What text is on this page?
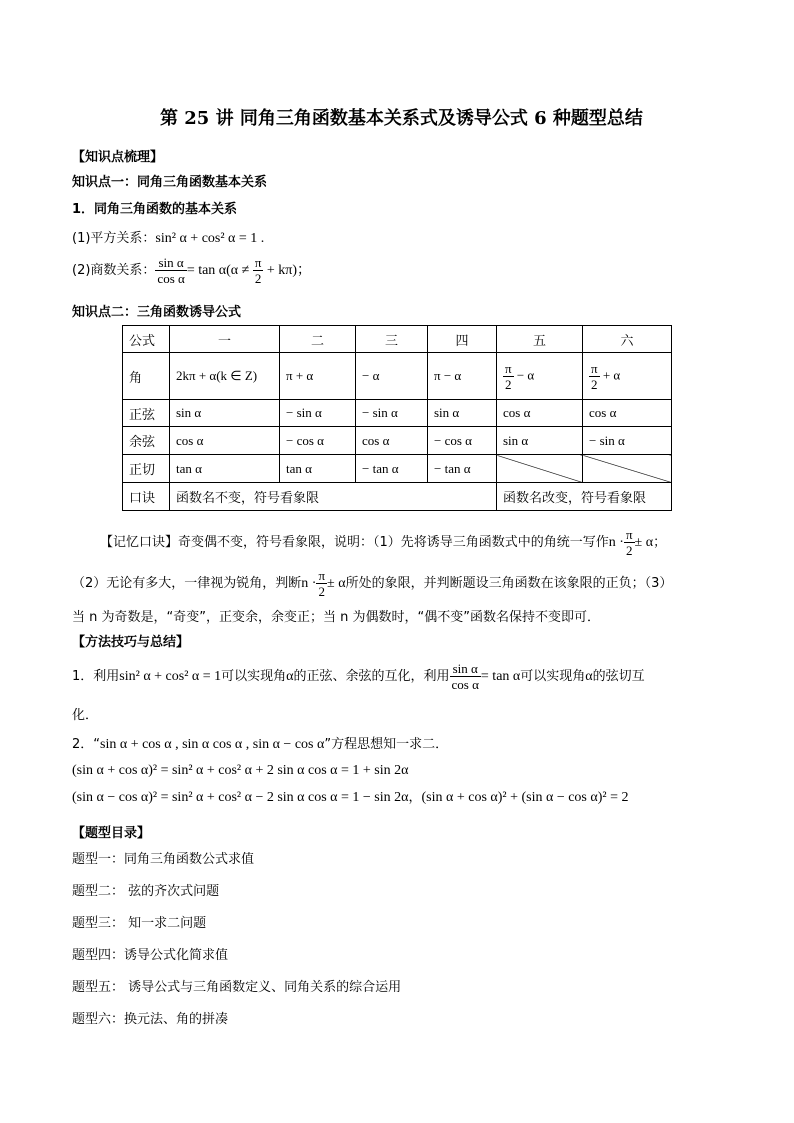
第 25 讲 同角三角函数基本关系式及诱导公式 6 种题型总结
【知识点梳理】
知识点一：同角三角函数基本关系
1．同角三角函数的基本关系
(1)平方关系：sin² α + cos² α = 1 .
(2)商数关系： $\frac{\text{sin α}}{\text{cos α}} = \tan \alpha(\alpha \ne \frac{\pi}{2} + k\pi)$；
知识点二：三角函数诱导公式
公式	一	二	三	四	五	六
角	2kπ + α(k ∈ Z)	π + α	− α	π − α	$\frac{\pi}{2} - \alpha$	$\frac{\pi}{2} + \alpha$
正弦	sin α	− sin α	− sin α	sin α	cos α	cos α
余弦	cos α	− cos α	cos α	− cos α	sin α	− sin α
正切	tan α	tan α	− tan α	− tan α		
口诀	函数名不变，符号看象限				函数名改变，符号看象限	
【记忆口诀】奇变偶不变，符号看象限，说明：（1）先将诱导三角函数式中的角统一写作$n \cdot \frac{\pi}{2} \pm \alpha$；
（2）无论有多大，一律视为锐角，判断$n \cdot \frac{\pi}{2} \pm \alpha$所处的象限，并判断题设三角函数在该象限的正负；（3）
当 n 为奇数是，“奇变”，正变余，余变正；当 n 为偶数时，“偶不变”函数名保持不变即可．
【方法技巧与总结】
1．利用sin² α + cos² α = 1可以实现角α的正弦、余弦的互化，利用 $\frac{\text{sin α}}{\text{cos α}} = \tan \alpha$可以实现角α的弦切互
化．
2．“sin α + cos α , sin α cos α , sin α − cos α”方程思想知一求二．
(sin α + cos α)² = sin² α + cos² α + 2 sin α cos α = 1 + sin 2α
(sin α − cos α)² = sin² α + cos² α − 2 sin α cos α = 1 − sin 2α，(sin α + cos α)² + (sin α − cos α)² = 2
【题型目录】
题型一：同角三角函数公式求值
题型二： 弦的齐次式问题
题型三： 知一求二问题
题型四：诱导公式化简求值
题型五： 诱导公式与三角函数定义、同角关系的综合运用
题型六：换元法、角的拼凑
